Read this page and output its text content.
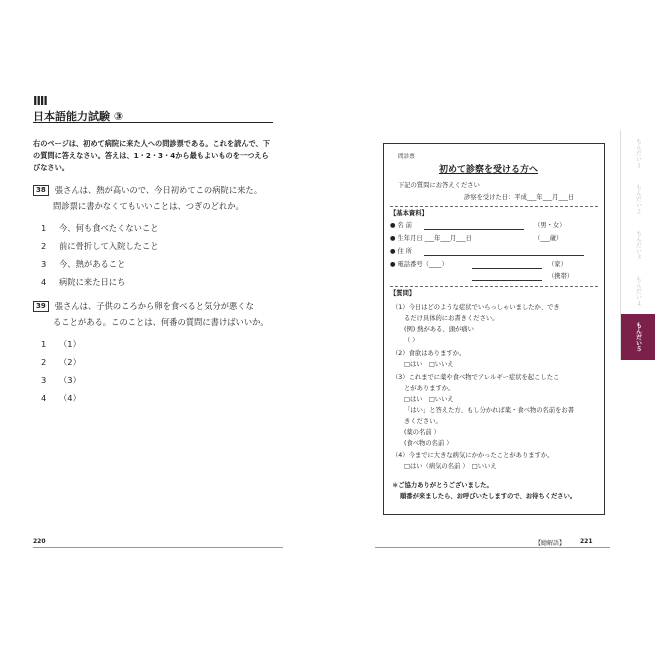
IIII
日本語能力試験 ③
右のページは、初めて病院に来た人への問診票である。これを読んで、下の質問に答えなさい。答えは、1・2・3・4から最もよいものを一つえらびなさい。
38 張さんは、熱が高いので、今日初めてこの病院に来た。
問診票に書かなくてもいいことは、つぎのどれか。
1 今、何も食べたくないこと
2 前に骨折して入院したこと
3 今、熱があること
4 病院に来た日にち
39 張さんは、子供のころから卵を食べると気分が悪くな
ることがある。このことは、何番の質問に書けばいいか。
1 （1）
2 （2）
3 （3）
4 （4）
220
問診票
初めて診察を受ける方へ
下記の質問にお答えください
診察を受けた日：平成___年___月___日
【基本資料】
● 名 前	（男・女）
● 生年月日 ___年___月___日	（___歳）
● 住 所
● 電話番号（____）	（家）
（携帯）
【質問】
（1）今日はどのような症状でいらっしゃいましたか、でき
るだけ具体的にお書きください。
(例) 熱がある、頭が痛い
（ ）
（2）食欲はありますか。
□はい　□いいえ
（3）これまでに薬や食べ物でアレルギー症状を起こしたこ
とがありますか。
□はい　□いいえ
「はい」と答えた方、もし分かれば薬・食べ物の名前をお書
きください。
(薬の名前 ）
(食べ物の名前 ）
（4）今までに大きな病気にかかったことがありますか。
□はい（病気の名前 ）　□いいえ
＊ご協力ありがとうございました。
順番が来ましたら、お呼びいたしますので、お待ちください。
【聴解語】 221
もんだい１
もんだい２
もんだい３
もんだい４
もんだい５
